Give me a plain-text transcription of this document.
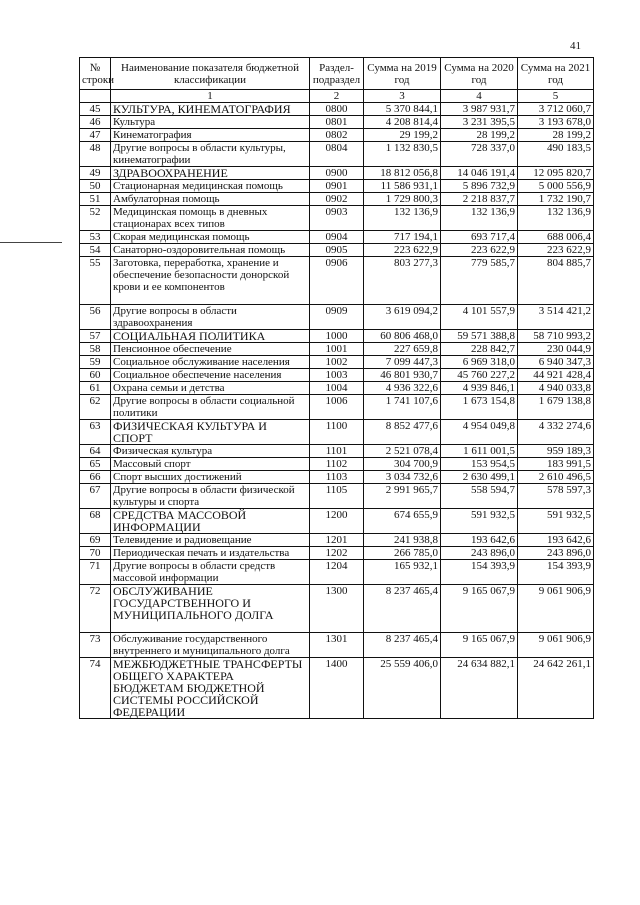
41
№ строки	Наименование показателя бюджетной классификации	Раздел-подраздел	Сумма на 2019 год	Сумма на 2020 год	Сумма на 2021 год
	1	2	3	4	5
45	КУЛЬТУРА, КИНЕМАТОГРАФИЯ	0800	5 370 844,1	3 987 931,7	3 712 060,7
46	Культура	0801	4 208 814,4	3 231 395,5	3 193 678,0
47	Кинематография	0802	29 199,2	28 199,2	28 199,2
48	Другие вопросы в области культуры, кинематографии	0804	1 132 830,5	728 337,0	490 183,5
49	ЗДРАВООХРАНЕНИЕ	0900	18 812 056,8	14 046 191,4	12 095 820,7
50	Стационарная медицинская помощь	0901	11 586 931,1	5 896 732,9	5 000 556,9
51	Амбулаторная помощь	0902	1 729 800,3	2 218 837,7	1 732 190,7
52	Медицинская помощь в дневных стационарах всех типов	0903	132 136,9	132 136,9	132 136,9
53	Скорая медицинская помощь	0904	717 194,1	693 717,4	688 006,4
54	Санаторно-оздоровительная помощь	0905	223 622,9	223 622,9	223 622,9
55	Заготовка, переработка, хранение и обеспечение безопасности донорской крови и ее компонентов	0906	803 277,3	779 585,7	804 885,7
56	Другие вопросы в области здравоохранения	0909	3 619 094,2	4 101 557,9	3 514 421,2
57	СОЦИАЛЬНАЯ ПОЛИТИКА	1000	60 806 468,0	59 571 388,8	58 710 993,2
58	Пенсионное обеспечение	1001	227 659,8	228 842,7	230 044,9
59	Социальное обслуживание населения	1002	7 099 447,3	6 969 318,0	6 940 347,3
60	Социальное обеспечение населения	1003	46 801 930,7	45 760 227,2	44 921 428,4
61	Охрана семьи и детства	1004	4 936 322,6	4 939 846,1	4 940 033,8
62	Другие вопросы в области социальной политики	1006	1 741 107,6	1 673 154,8	1 679 138,8
63	ФИЗИЧЕСКАЯ КУЛЬТУРА И СПОРТ	1100	8 852 477,6	4 954 049,8	4 332 274,6
64	Физическая культура	1101	2 521 078,4	1 611 001,5	959 189,3
65	Массовый спорт	1102	304 700,9	153 954,5	183 991,5
66	Спорт высших достижений	1103	3 034 732,6	2 630 499,1	2 610 496,5
67	Другие вопросы в области физической культуры и спорта	1105	2 991 965,7	558 594,7	578 597,3
68	СРЕДСТВА МАССОВОЙ ИНФОРМАЦИИ	1200	674 655,9	591 932,5	591 932,5
69	Телевидение и радиовещание	1201	241 938,8	193 642,6	193 642,6
70	Периодическая печать и издательства	1202	266 785,0	243 896,0	243 896,0
71	Другие вопросы в области средств массовой информации	1204	165 932,1	154 393,9	154 393,9
72	ОБСЛУЖИВАНИЕ ГОСУДАРСТВЕННОГО И МУНИЦИПАЛЬНОГО ДОЛГА	1300	8 237 465,4	9 165 067,9	9 061 906,9
73	Обслуживание государственного внутреннего и муниципального долга	1301	8 237 465,4	9 165 067,9	9 061 906,9
74	МЕЖБЮДЖЕТНЫЕ ТРАНСФЕРТЫ ОБЩЕГО ХАРАКТЕРА БЮДЖЕТАМ БЮДЖЕТНОЙ СИСТЕМЫ РОССИЙСКОЙ ФЕДЕРАЦИИ	1400	25 559 406,0	24 634 882,1	24 642 261,1
